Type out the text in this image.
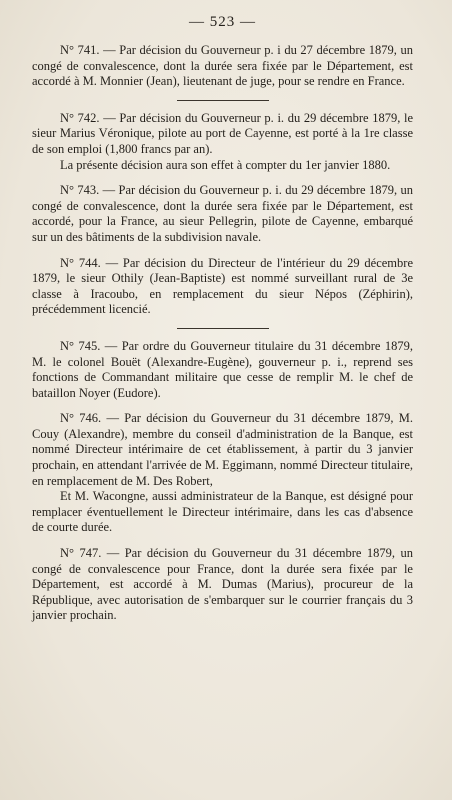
— 523 —

N° 741. — Par décision du Gouverneur p. i du 27 décembre 1879, un congé de convalescence, dont la durée sera fixée par le Département, est accordé à M. Monnier (Jean), lieutenant de juge, pour se rendre en France.

N° 742. — Par décision du Gouverneur p. i. du 29 décembre 1879, le sieur Marius Véronique, pilote au port de Cayenne, est porté à la 1re classe de son emploi (1,800 francs par an).

La présente décision aura son effet à compter du 1er janvier 1880.

N° 743. — Par décision du Gouverneur p. i. du 29 décembre 1879, un congé de convalescence, dont la durée sera fixée par le Département, est accordé, pour la France, au sieur Pellegrin, pilote de Cayenne, embarqué sur un des bâtiments de la subdivision navale.

N° 744. — Par décision du Directeur de l'intérieur du 29 décembre 1879, le sieur Othily (Jean-Baptiste) est nommé surveillant rural de 3e classe à Iracoubo, en remplacement du sieur Népos (Zéphirin), précédemment licencié.

N° 745. — Par ordre du Gouverneur titulaire du 31 décembre 1879, M. le colonel Bouët (Alexandre-Eugène), gouverneur p. i., reprend ses fonctions de Commandant militaire que cesse de remplir M. le chef de bataillon Noyer (Eudore).

N° 746. — Par décision du Gouverneur du 31 décembre 1879, M. Couy (Alexandre), membre du conseil d'administration de la Banque, est nommé Directeur intérimaire de cet établissement, à partir du 3 janvier prochain, en attendant l'arrivée de M. Eggimann, nommé Directeur titulaire, en remplacement de M. Des Robert,

Et M. Wacongne, aussi administrateur de la Banque, est désigné pour remplacer éventuellement le Directeur intérimaire, dans les cas d'absence de courte durée.

N° 747. — Par décision du Gouverneur du 31 décembre 1879, un congé de convalescence pour France, dont la durée sera fixée par le Département, est accordé à M. Dumas (Marius), procureur de la République, avec autorisation de s'embarquer sur le courrier français du 3 janvier prochain.
